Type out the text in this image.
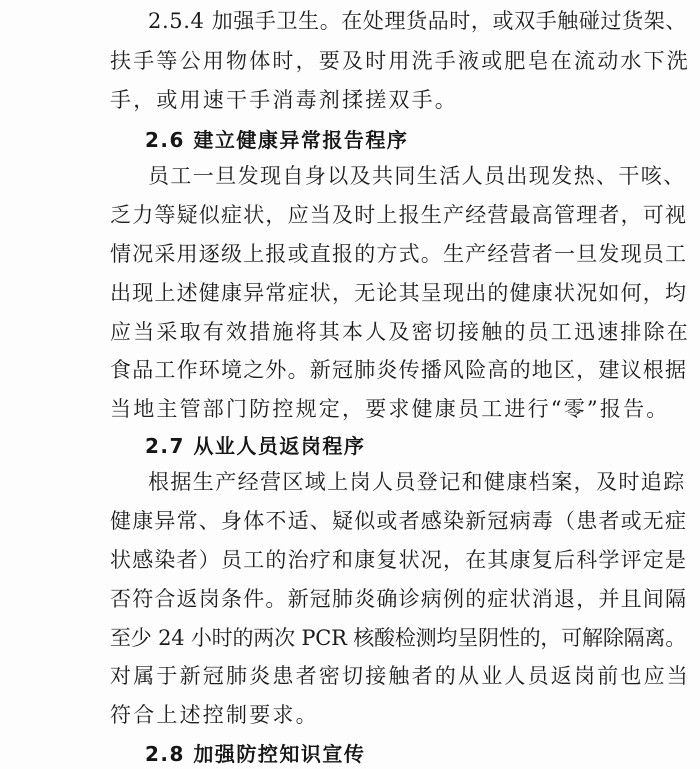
2.5.4 加强手卫生。在处理货品时，或双手触碰过货架、
扶手等公用物体时，要及时用洗手液或肥皂在流动水下洗
手，或用速干手消毒剂揉搓双手。
2.6 建立健康异常报告程序
员工一旦发现自身以及共同生活人员出现发热、干咳、
乏力等疑似症状，应当及时上报生产经营最高管理者，可视
情况采用逐级上报或直报的方式。生产经营者一旦发现员工
出现上述健康异常症状，无论其呈现出的健康状况如何，均
应当采取有效措施将其本人及密切接触的员工迅速排除在
食品工作环境之外。新冠肺炎传播风险高的地区，建议根据
当地主管部门防控规定，要求健康员工进行“零”报告。
2.7 从业人员返岗程序
根据生产经营区域上岗人员登记和健康档案，及时追踪
健康异常、身体不适、疑似或者感染新冠病毒（患者或无症
状感染者）员工的治疗和康复状况，在其康复后科学评定是
否符合返岗条件。新冠肺炎确诊病例的症状消退，并且间隔
至少 24 小时的两次 PCR 核酸检测均呈阴性的，可解除隔离。
对属于新冠肺炎患者密切接触者的从业人员返岗前也应当
符合上述控制要求。
2.8 加强防控知识宣传
